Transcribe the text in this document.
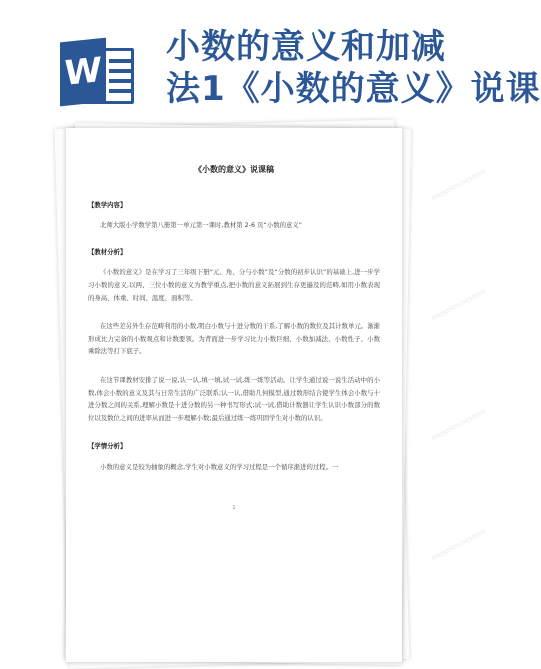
W
小数的意义和加减
法1《小数的意义》说课
《小数的意义》说课稿
【教学内容】

北师大版小学数学第八册第一单元第一课时,教材第 2-6 页“小数的意义”

【教材分析】

《小数的意义》是在学习了三年级下册“元、角、分与小数”及“分数的初步认识”的基础上,进一步学习小数的意义,以两、三位小数的意义为教学重点,把小数的意义拓展到生存更遍及的范畴,如用小数表现的身高、体重、时间、温度、面积等。

在这些差另外生存范畴利用的小数,明白小数与十进分数的干系,了解小数的数位及其计数单元。渐渐形成比力完备的小数观点和计数要领。为背面进一步学习比力小数巨细、小数加减法、小数性子、小数乘除法等打下底子。

在这节课教材安排了说一说,认一认,填一填,试一试,练一练等活动。让学生通过说一说生活动中的小数,体会小数的意义及其与日常生活的广泛联系;认一认,借助几何模型,通过数形结合使学生体会小数与十进分数之间的关系,理解小数是十进分数的另一种书写形式;试一试,借助计数器让学生认识小数部分的数位以及数位之间的进率从而进一步理解小数;最后通过练一练巩固学生对小数的认识。

【学情分析】

小数的意义是较为抽象的概念,学生对小数意义的学习过程是一个循序渐进的过程。一

1
▭▭▭▭▭▭▭▭
▭▭▭▭▭▭▭▭
▭▭▭▭▭▭▭▭
▭▭▭▭▭▭▭▭
